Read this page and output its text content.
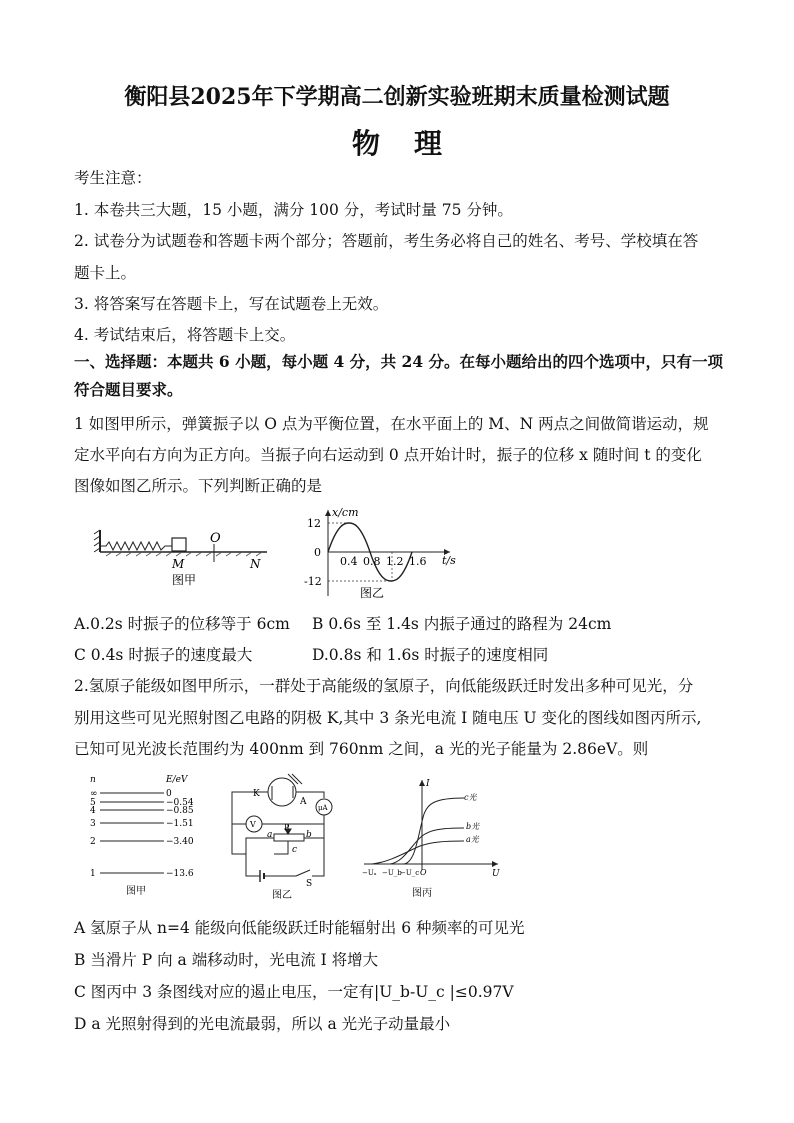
衡阳县2025年下学期高二创新实验班期末质量检测试题
物理
考生注意：
1. 本卷共三大题，15 小题，满分 100 分，考试时量 75 分钟。
2. 试卷分为试题卷和答题卡两个部分；答题前，考生务必将自己的姓名、考号、学校填在答
题卡上。
3. 将答案写在答题卡上，写在试题卷上无效。
4. 考试结束后，将答题卡上交。
一、选择题：本题共 6 小题，每小题 4 分，共 24 分。在每小题给出的四个选项中，只有一项
符合题目要求。
1 如图甲所示，弹簧振子以 O 点为平衡位置，在水平面上的 M、N 两点之间做简谐运动，规
定水平向右方向为正方向。当振子向右运动到 0 点开始计时，振子的位移 x 随时间 t 的变化
图像如图乙所示。下列判断正确的是
O
M	N
图甲
x/cm
12
0
-12
0.4 0.8 1.2 1.6 t/s
图乙
A.0.2s 时振子的位移等于 6cm B 0.6s 至 1.4s 内振子通过的路程为 24cm
C 0.4s 时振子的速度最大	D.0.8s 和 1.6s 时振子的速度相同
2.氢原子能级如图甲所示，一群处于高能级的氢原子，向低能级跃迁时发出多种可见光，分
别用这些可见光照射图乙电路的阴极 K,其中 3 条光电流 I 随电压 U 变化的图线如图丙所示,
已知可见光波长范围约为 400nm 到 760nm 之间，a 光的光子能量为 2.86eV。则
n	E/eV
∞	0
5	−0.54
4	−0.85
3	−1.51
2	−3.40
1	−13.6
图甲
K
A
μA
V
a
P
b
c
S
图乙
c光
b光
a光
I
U
−Uₐ −U_b
−U_c O
图丙
A 氢原子从 n=4 能级向低能级跃迁时能辐射出 6 种频率的可见光
B 当滑片 P 向 a 端移动时，光电流 I 将增大
C 图丙中 3 条图线对应的遏止电压，一定有|U_b-U_c |≤0.97V
D a 光照射得到的光电流最弱，所以 a 光光子动量最小
